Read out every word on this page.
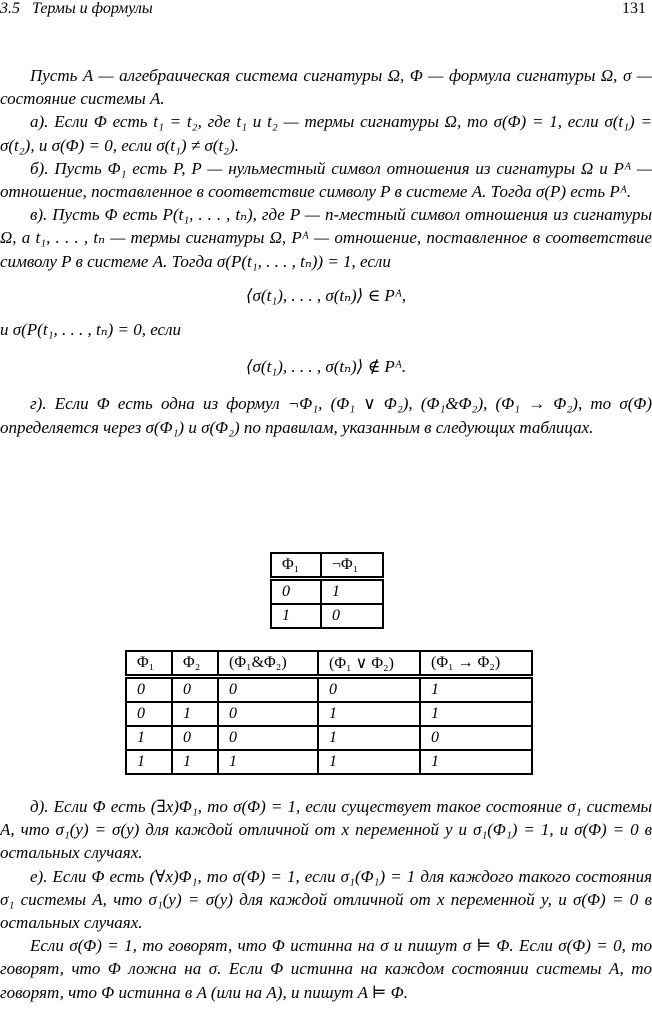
3.5   Термы и формулы	131

Пусть A — алгебраическая система сигнатуры Ω, Φ — формула сигнатуры Ω, σ — состояние системы A.

а). Если Φ есть t₁ = t₂, где t₁ и t₂ — термы сигнатуры Ω, то σ(Φ) = 1, если σ(t₁) = σ(t₂), и σ(Φ) = 0, если σ(t₁) ≠ σ(t₂).

б). Пусть Φ₁ есть P, P — нульместный символ отношения из сигнатуры Ω и Pᴬ — отношение, поставленное в соответствие символу P в системе A. Тогда σ(P) есть Pᴬ.

в). Пусть Φ есть P(t₁, . . . , tₙ), где P — n-местный символ отношения из сигнатуры Ω, а t₁, . . . , tₙ — термы сигнатуры Ω, Pᴬ — отношение, поставленное в соответствие символу P в системе A. Тогда σ(P(t₁, . . . , tₙ)) = 1, если

⟨σ(t₁), . . . , σ(tₙ)⟩ ∈ Pᴬ,

и σ(P(t₁, . . . , tₙ) = 0, если

⟨σ(t₁), . . . , σ(tₙ)⟩ ∉ Pᴬ.

г). Если Φ есть одна из формул ¬Φ₁, (Φ₁ ∨ Φ₂), (Φ₁&Φ₂), (Φ₁ → Φ₂), то σ(Φ) определяется через σ(Φ₁) и σ(Φ₂) по правилам, указанным в следующих таблицах.

Φ₁	¬Φ₁
0	1
1	0
Φ₁	Φ₂	(Φ₁&Φ₂)	(Φ₁ ∨ Φ₂)	(Φ₁ → Φ₂)
0	0	0	0	1
0	1	0	1	1
1	0	0	1	0
1	1	1	1	1

д). Если Φ есть (∃x)Φ₁, то σ(Φ) = 1, если существует такое состояние σ₁ системы A, что σ₁(y) = σ(y) для каждой отличной от x переменной y и σ₁(Φ₁) = 1, и σ(Φ) = 0 в остальных случаях.

е). Если Φ есть (∀x)Φ₁, то σ(Φ) = 1, если σ₁(Φ₁) = 1 для каждого такого состояния σ₁ системы A, что σ₁(y) = σ(y) для каждой отличной от x переменной y, и σ(Φ) = 0 в остальных случаях.

Если σ(Φ) = 1, то говорят, что Φ истинна на σ и пишут σ ⊨ Φ. Если σ(Φ) = 0, то говорят, что Φ ложна на σ. Если Φ истинна на каждом состоянии системы A, то говорят, что Φ истинна в A (или на A), и пишут A ⊨ Φ.
